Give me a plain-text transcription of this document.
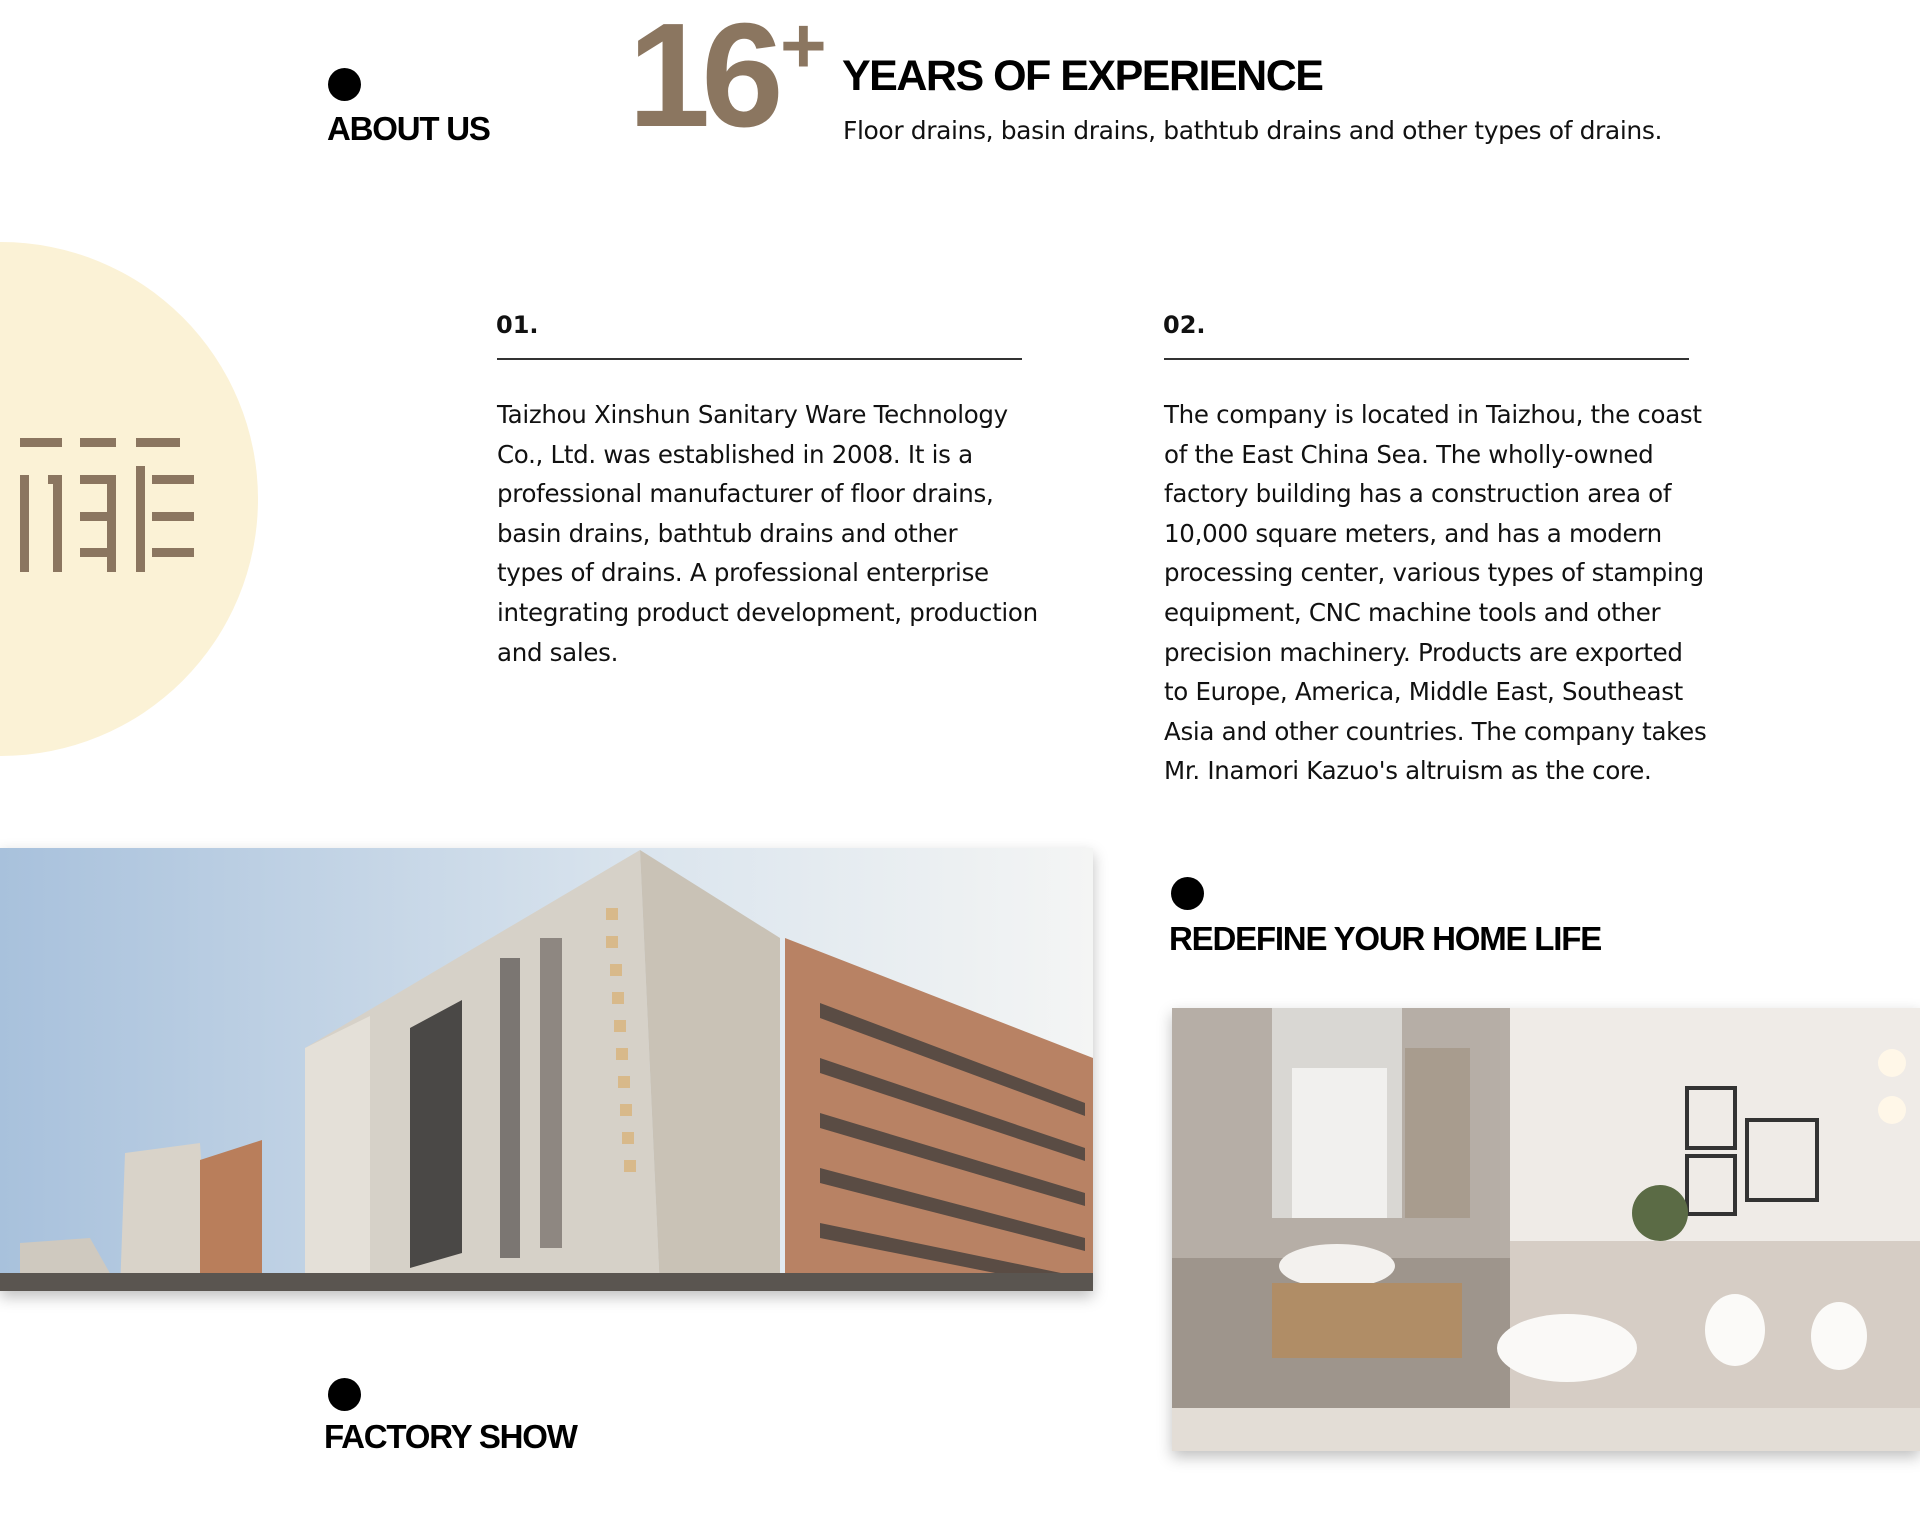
ABOUT US 16 + YEARS OF EXPERIENCE
Floor drains, basin drains, bathtub drains and other types of drains.
01.
Taizhou Xinshun Sanitary Ware Technology
Co., Ltd. was established in 2008. It is a
professional manufacturer of floor drains,
basin drains, bathtub drains and other
types of drains. A professional enterprise
integrating product development, production
and sales.
02.
The company is located in Taizhou, the coast
of the East China Sea. The wholly-owned
factory building has a construction area of
10,000 square meters, and has a modern
processing center, various types of stamping
equipment, CNC machine tools and other
precision machinery. Products are exported
to Europe, America, Middle East, Southeast
Asia and other countries. The company takes
Mr. Inamori Kazuo's altruism as the core.
REDEFINE YOUR HOME LIFE
FACTORY SHOW
